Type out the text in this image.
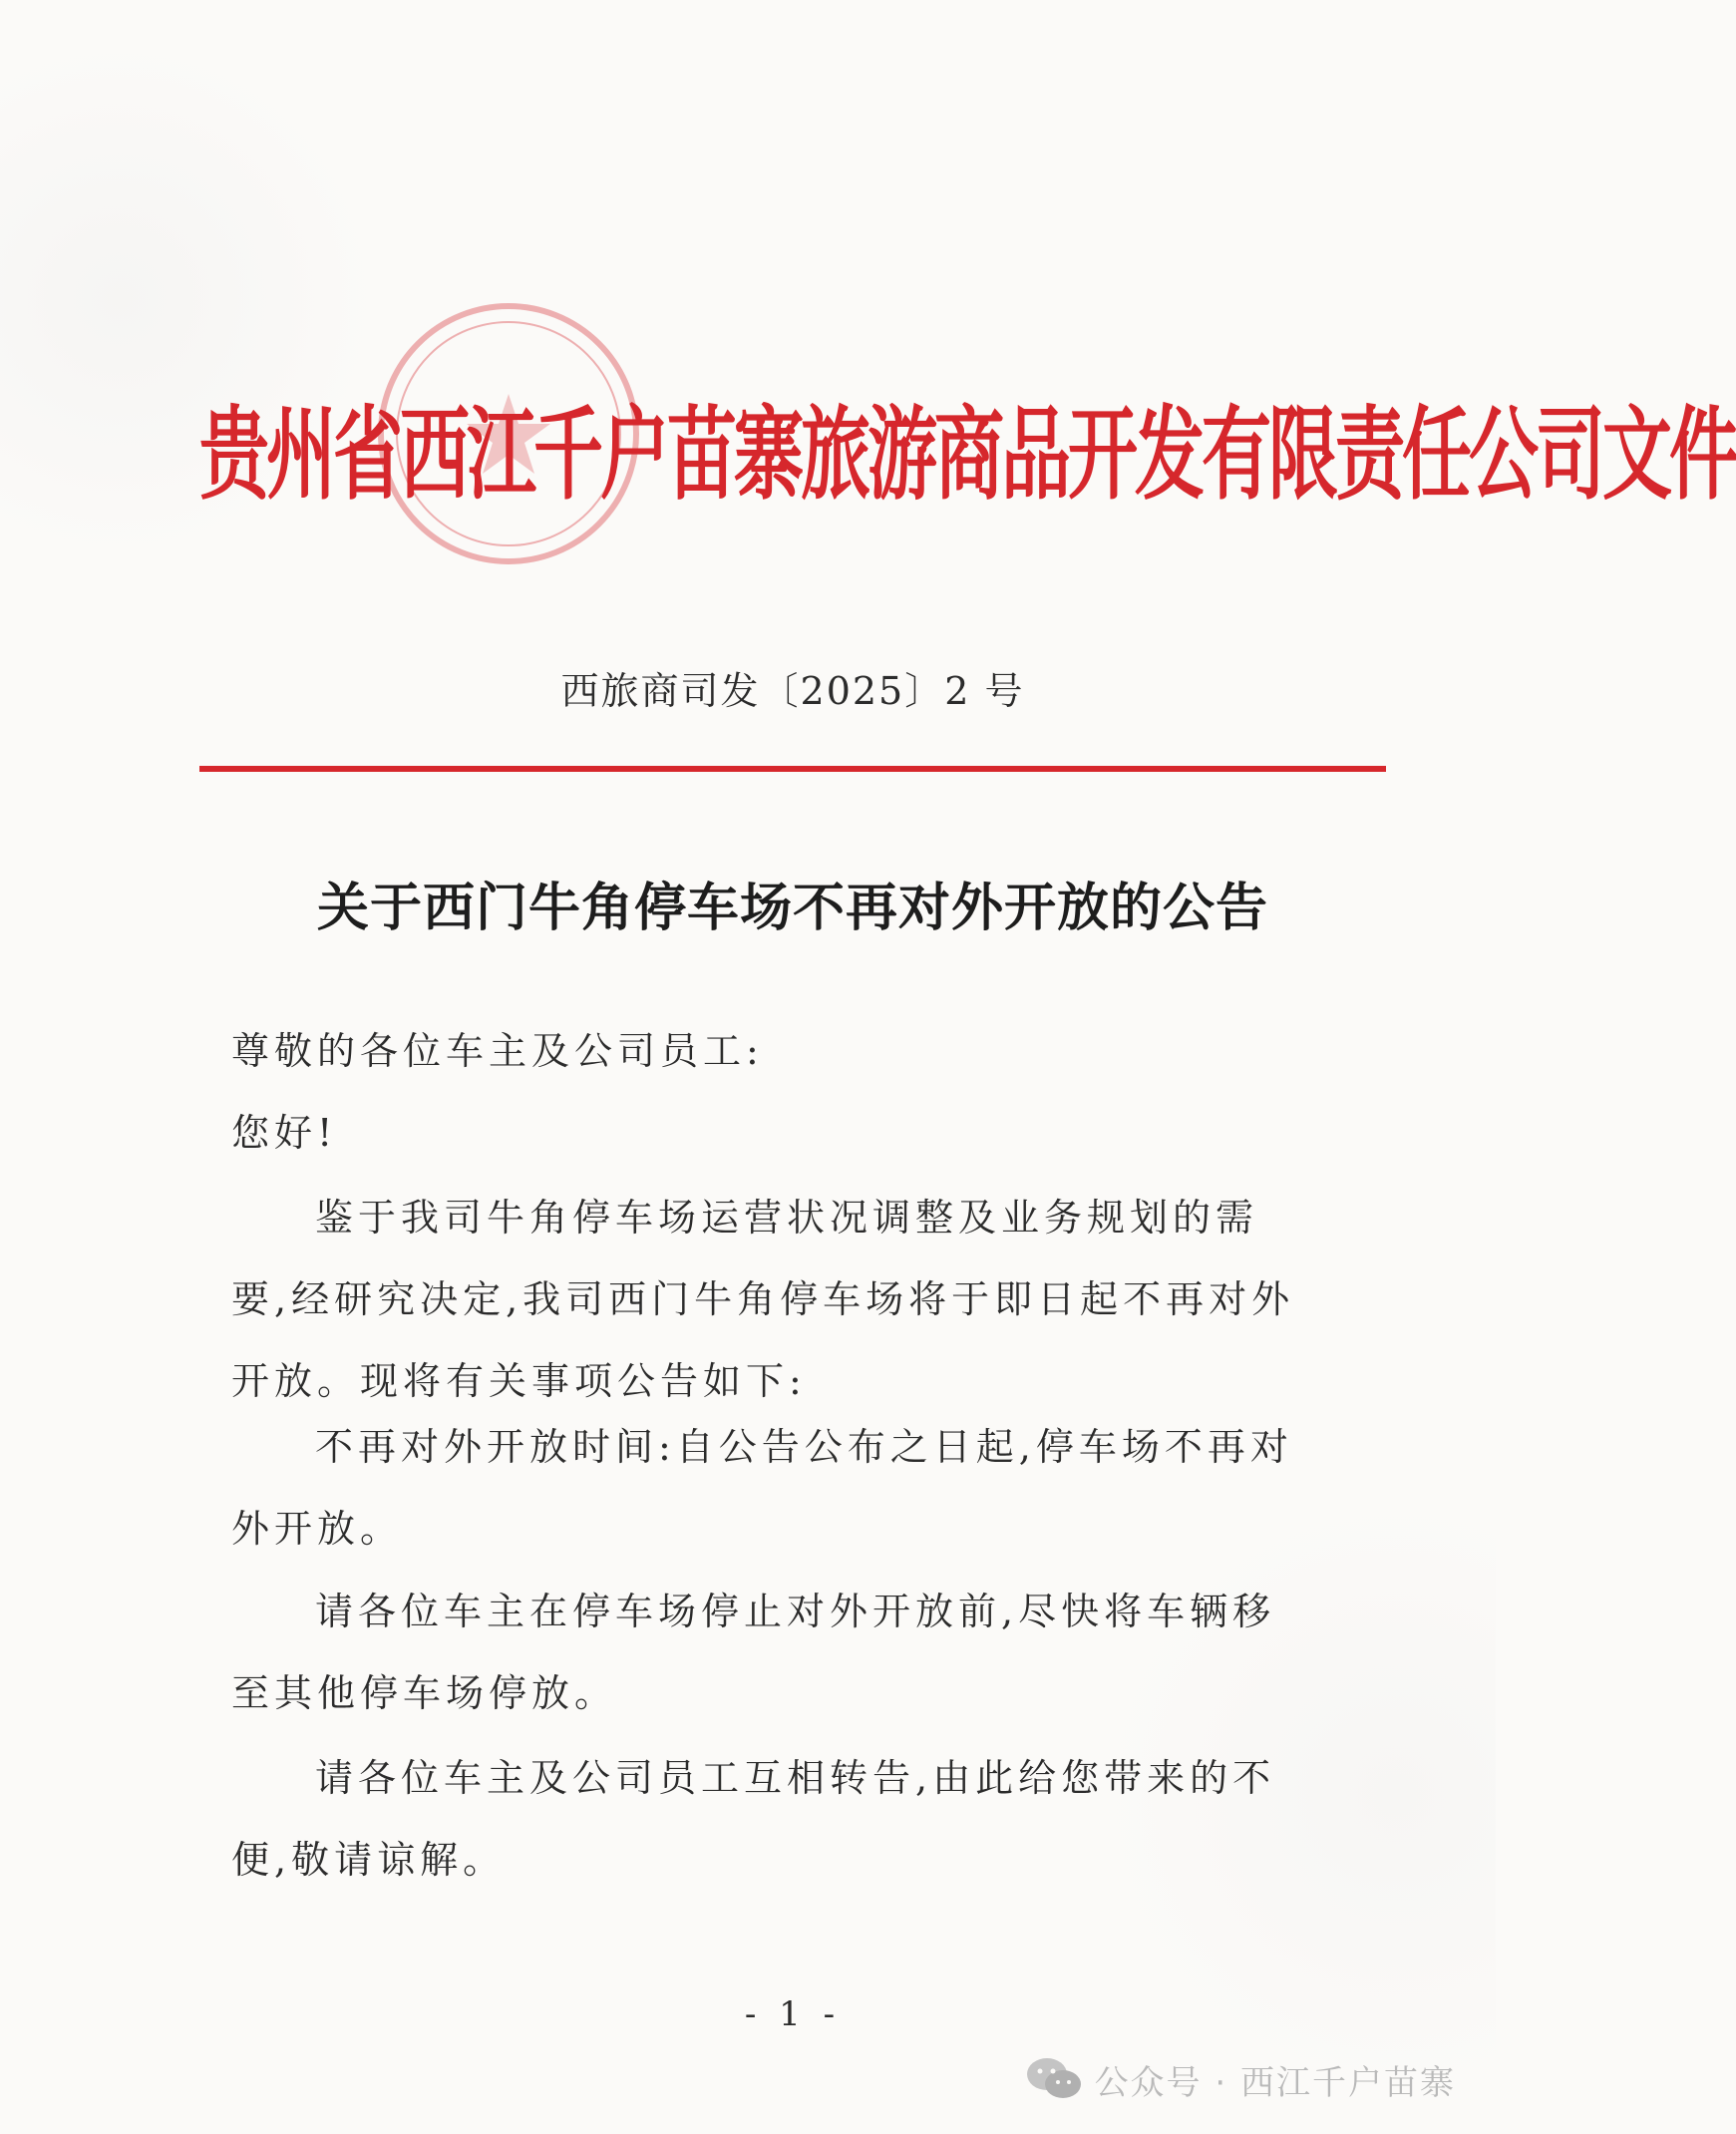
贵州省西江千户苗寨旅游商品开发有限责任公司文件
西旅商司发〔2025〕2 号
关于西门牛角停车场不再对外开放的公告

尊敬的各位车主及公司员工:

您好!

鉴于我司牛角停车场运营状况调整及业务规划的需要,经研究决定,我司西门牛角停车场将于即日起不再对外开放。现将有关事项公告如下:

不再对外开放时间:自公告公布之日起,停车场不再对外开放。

请各位车主在停车场停止对外开放前,尽快将车辆移至其他停车场停放。

请各位车主及公司员工互相转告,由此给您带来的不便,敬请谅解。

- 1 -
公众号 · 西江千户苗寨
